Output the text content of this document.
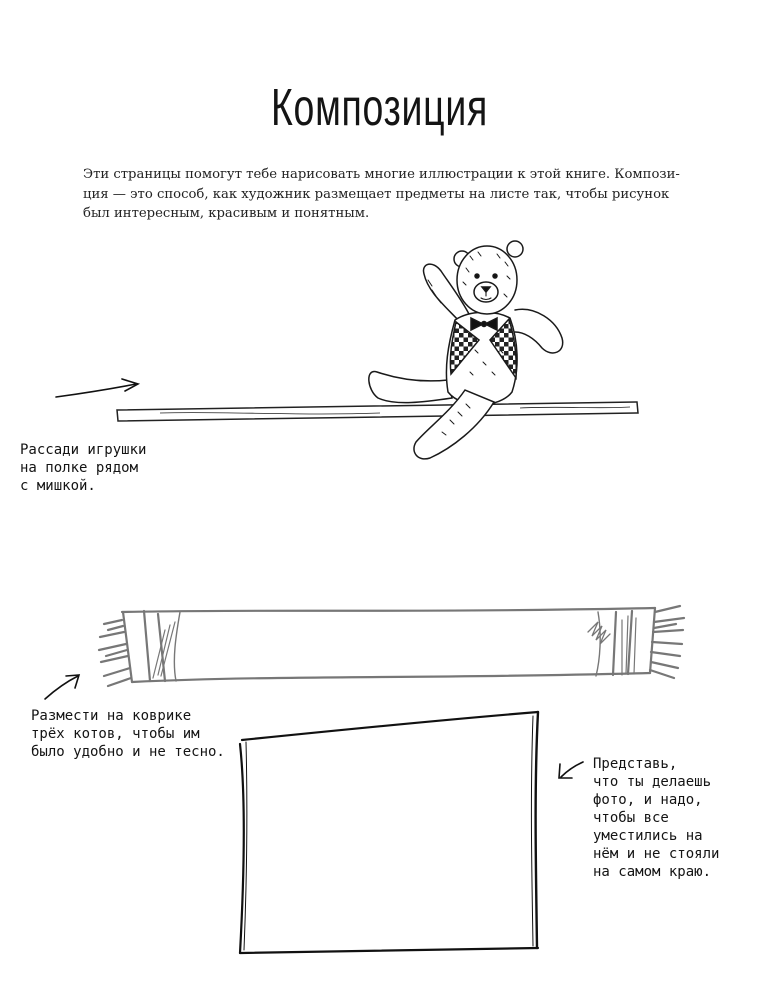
Композиция

Эти страницы помогут тебе нарисовать многие иллюстрации к этой книге. Компози-
ция — это способ, как художник размещает предметы на листе так, чтобы рисунок
был интересным, красивым и понятным.

Рассади игрушки
на полке рядом
с мишкой.
Размести на коврике
трёх котов, чтобы им
было удобно и не тесно.
Представь,
что ты делаешь
фото, и надо,
чтобы все
уместились на
нём и не стояли
на самом краю.
